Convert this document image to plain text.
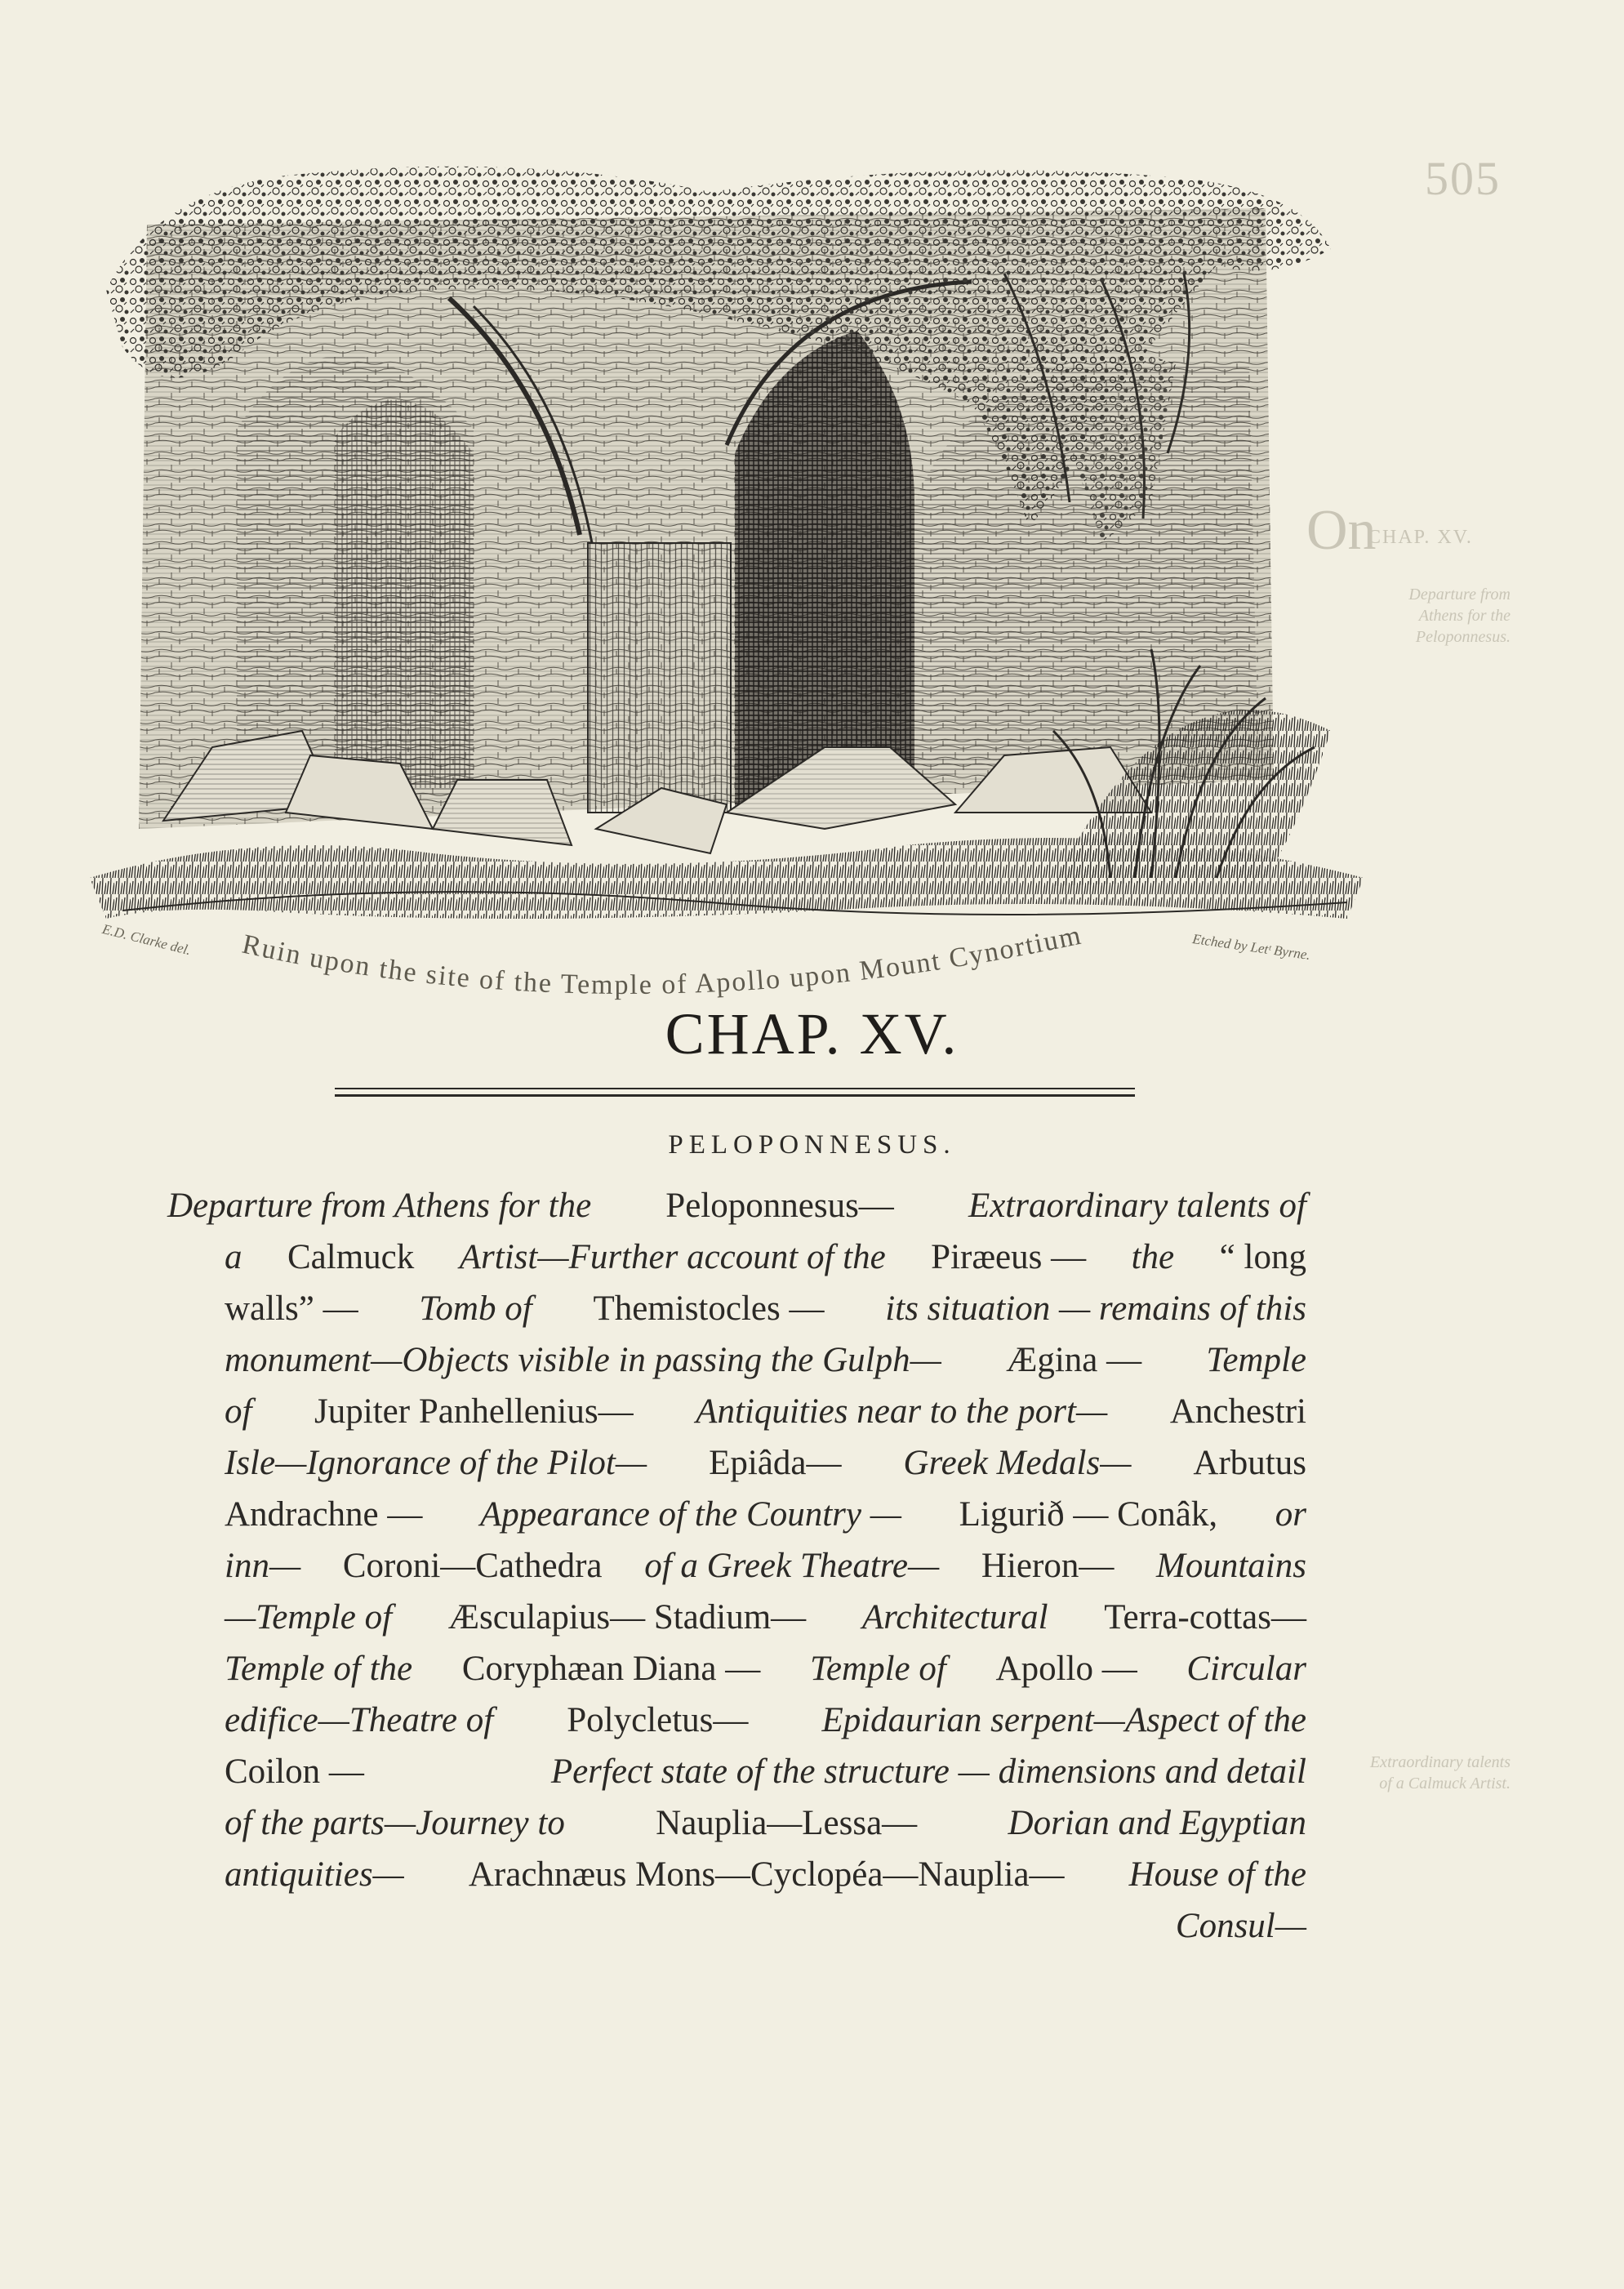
505
CHAP. XV.
Departure from Athens for the Peloponnesus.
Extraordinary talents of a Calmuck Artist.
On
E.D. Clarke del.	Etched by Letᵗ Byrne.
Ruin upon the site of the Temple of Apollo upon Mount Cynortium
CHAP. XV.
PELOPONNESUS.
Departure from Athens for the Peloponnesus— Extraordinary talents of
a Calmuck Artist—Further account of the Piræeus — the “ long
walls” — Tomb of Themistocles — its situation — remains of this
monument—Objects visible in passing the Gulph— Ægina — Temple
of Jupiter Panhellenius— Antiquities near to the port— Anchestri
Isle—Ignorance of the Pilot— Epiâda— Greek Medals— Arbutus
Andrachne — Appearance of the Country — Ligurið — Conâk, or
inn— Coroni—Cathedra of a Greek Theatre— Hieron— Mountains
—Temple of Æsculapius— Stadium— Architectural Terra-cottas—
Temple of the Coryphæan Diana — Temple of Apollo — Circular
edifice—Theatre of Polycletus— Epidaurian serpent—Aspect of the
Coilon —	Perfect state of the structure — dimensions and detail
of the parts—Journey to	Nauplia—Lessa—	Dorian and Egyptian
antiquities— Arachnæus Mons—Cyclopéa—Nauplia— House of the
Consul—
